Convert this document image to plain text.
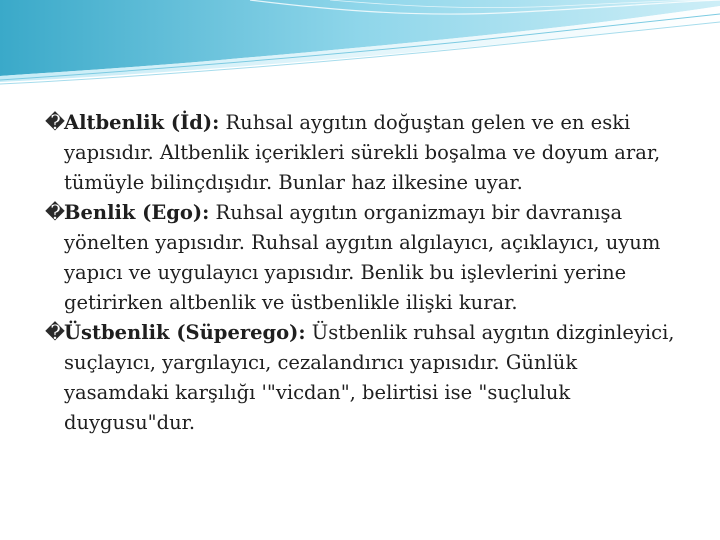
�Altbenlik (İd): Ruhsal aygıtın doğuştan gelen ve en eski yapısıdır. Altbenlik içerikleri sürekli boşalma ve doyum arar, tümüyle bilinçdışıdır. Bunlar haz ilkesine uyar.

�Benlik (Ego): Ruhsal aygıtın organizmayı bir davranışa yönelten yapısıdır. Ruhsal aygıtın algılayıcı, açıklayıcı, uyum yapıcı ve uygulayıcı yapısıdır. Benlik bu işlevlerini yerine getirirken altbenlik ve üstbenlikle ilişki kurar.

�Üstbenlik (Süperego): Üstbenlik ruhsal aygıtın dizginleyici, suçlayıcı, yargılayıcı, cezalandırıcı yapısıdır. Günlük yasamdaki karşılığı '"vicdan", belirtisi ise "suçluluk duygusu"dur.
